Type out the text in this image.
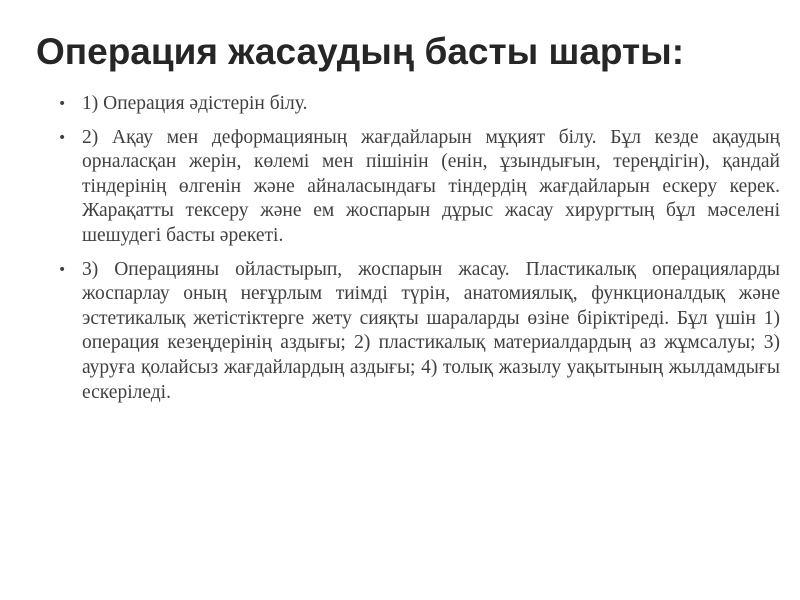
Операция жасаудың басты шарты:
• 1) Операция әдістерін білу.
• 2) Ақау мен деформацияның жағдайларын мұқият білу. Бұл кезде ақаудың орналасқан жерін, көлемі мен пішінін (енін, ұзындығын, тереңдігін), қандай тіндерінің өлгенін және айналасындағы тіндердің жағдайларын ескеру керек. Жарақатты тексеру және ем жоспарын дұрыс жасау хирургтың бұл мәселені шешудегі басты әрекеті.
• 3) Операцияны ойластырып, жоспарын жасау. Пластикалық операцияларды жоспарлау оның неғұрлым тиімді түрін, анатомиялық, функционалдық және эстетикалық жетістіктерге жету сияқты шараларды өзіне біріктіреді. Бұл үшін 1) операция кезеңдерінің аздығы; 2) пластикалық материалдардың аз жұмсалуы; 3) ауруға қолайсыз жағдайлардың аздығы; 4) толық жазылу уақытының жылдамдығы ескеріледі.
